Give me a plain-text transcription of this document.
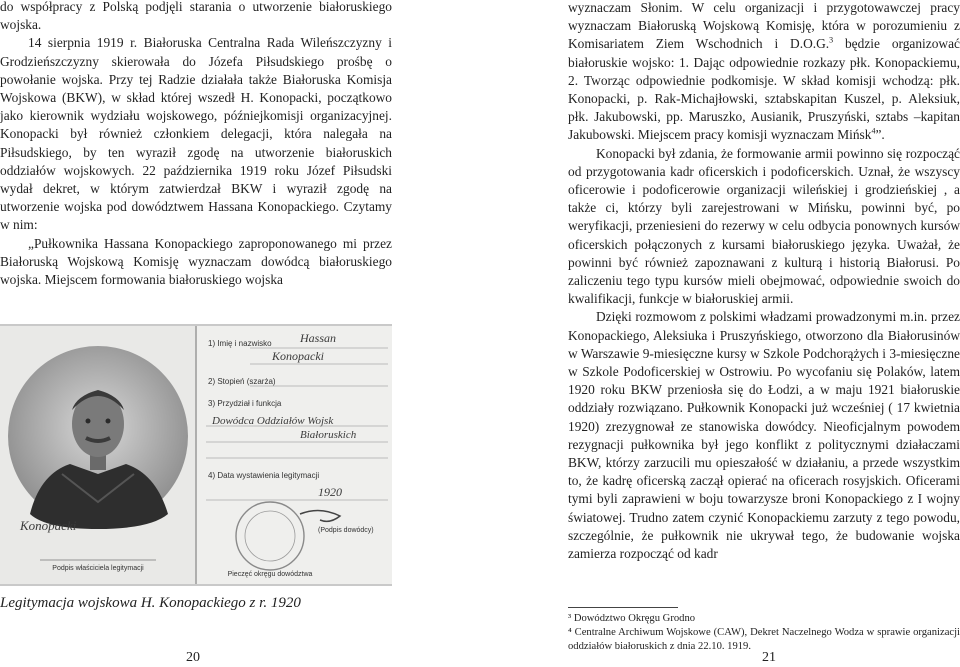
do współpracy z Polską podjęli starania o utworzenie białoruskiego wojska.

14 sierpnia 1919 r. Białoruska Centralna Rada Wileńszczyzny i Grodzieńszczyzny skierowała do Józefa Piłsudskiego prośbę o powołanie wojska. Przy tej Radzie działała także Białoruska Komisja Wojskowa (BKW), w skład której wszedł H. Konopacki, początkowo jako kierownik wydziału wojskowego, późniejkomisji organizacyjnej. Konopacki był również członkiem delegacji, która nalegała na Piłsudskiego, by ten wyraził zgodę na utworzenie białoruskich oddziałów wojskowych. 22 października 1919 roku Józef Piłsudski wydał dekret, w którym zatwierdzał BKW i wyraził zgodę na utworzenie wojska pod dowództwem Hassana Konopackiego. Czytamy w nim:

„Pułkownika Hassana Konopackiego zaproponowanego mi przez Białoruską Wojskową Komisję wyznaczam dowódcą białoruskiego wojska. Miejscem formowania białoruskiego wojska

Konopacki
Podpis właściciela legitymacji
1) Imię i nazwisko Hassan
Konopacki
2) Stopień (szarża)
3) Przydział i funkcja
Dowódca Oddziałów Wojsk
Białoruskich
4) Data wystawienia legitymacji
1920
(Podpis dowódcy)
Pieczęć okręgu dowództwa

Legitymacja wojskowa H. Konopackiego z r. 1920

20

wyznaczam Słonim. W celu organizacji i przygotowawczej pracy wyznaczam Białoruską Wojskową Komisję, która w porozumieniu z Komisariatem Ziem Wschodnich i D.O.G.$^3$ będzie organizować białoruskie wojsko: 1. Dając odpowiednie rozkazy płk. Konopackiemu, 2. Tworząc odpowiednie podkomisje. W skład komisji wchodzą: płk. Konopacki, p. Rak-Michajłowski, sztabskapitan Kuszel, p. Aleksiuk, płk. Jakubowski, pp. Maruszko, Ausianik, Pruszyński, sztabs –kapitan Jakubowski. Miejscem pracy komisji wyznaczam Mińsk$^4$”.

Konopacki był zdania, że formowanie armii powinno się rozpocząć od przygotowania kadr oficerskich i podoficerskich. Uznał, że wszyscy oficerowie i podoficerowie organizacji wileńskiej i grodzieńskiej , a także ci, którzy byli zarejestrowani w Mińsku, powinni być, po weryfikacji, przeniesieni do rezerwy w celu odbycia ponownych kursów oficerskich połączonych z kursami białoruskiego języka. Uważał, że powinni być również zapoznawani z kulturą i historią Białorusi. Po zaliczeniu tego typu kursów mieli obejmować, odpowiednie swoich do kwalifikacji, funkcje w białoruskiej armii.

Dzięki rozmowom z polskimi władzami prowadzonymi m.in. przez Konopackiego, Aleksiuka i Pruszyńskiego, otworzono dla Białorusinów w Warszawie 9-miesięczne kursy w Szkole Podchorążych i 3-miesięczne w Szkole Podoficerskiej w Ostrowiu. Po wycofaniu się Polaków, latem 1920 roku BKW przeniosła się do Łodzi, a w maju 1921 białoruskie oddziały rozwiązano. Pułkownik Konopacki już wcześniej ( 17 kwietnia 1920) zrezygnował ze stanowiska dowódcy. Nieoficjalnym powodem rezygnacji pułkownika był jego konflikt z politycznymi działaczami BKW, którzy zarzucili mu opieszałość w działaniu, a przede wszystkim to, że kadrę oficerską zaczął opierać na oficerach rosyjskich. Oficerami tymi byli zaprawieni w boju towarzysze broni Konopackiego z I wojny światowej. Trudno zatem czynić Konopackiemu zarzuty z tego powodu, szczególnie, że pułkownik nie ukrywał tego, że budowanie wojska zamierza rozpocząć od kadr

³ Dowództwo Okręgu Grodno

⁴ Centralne Archiwum Wojskowe (CAW), Dekret Naczelnego Wodza w sprawie organizacji oddziałów białoruskich z dnia 22.10. 1919.

21
